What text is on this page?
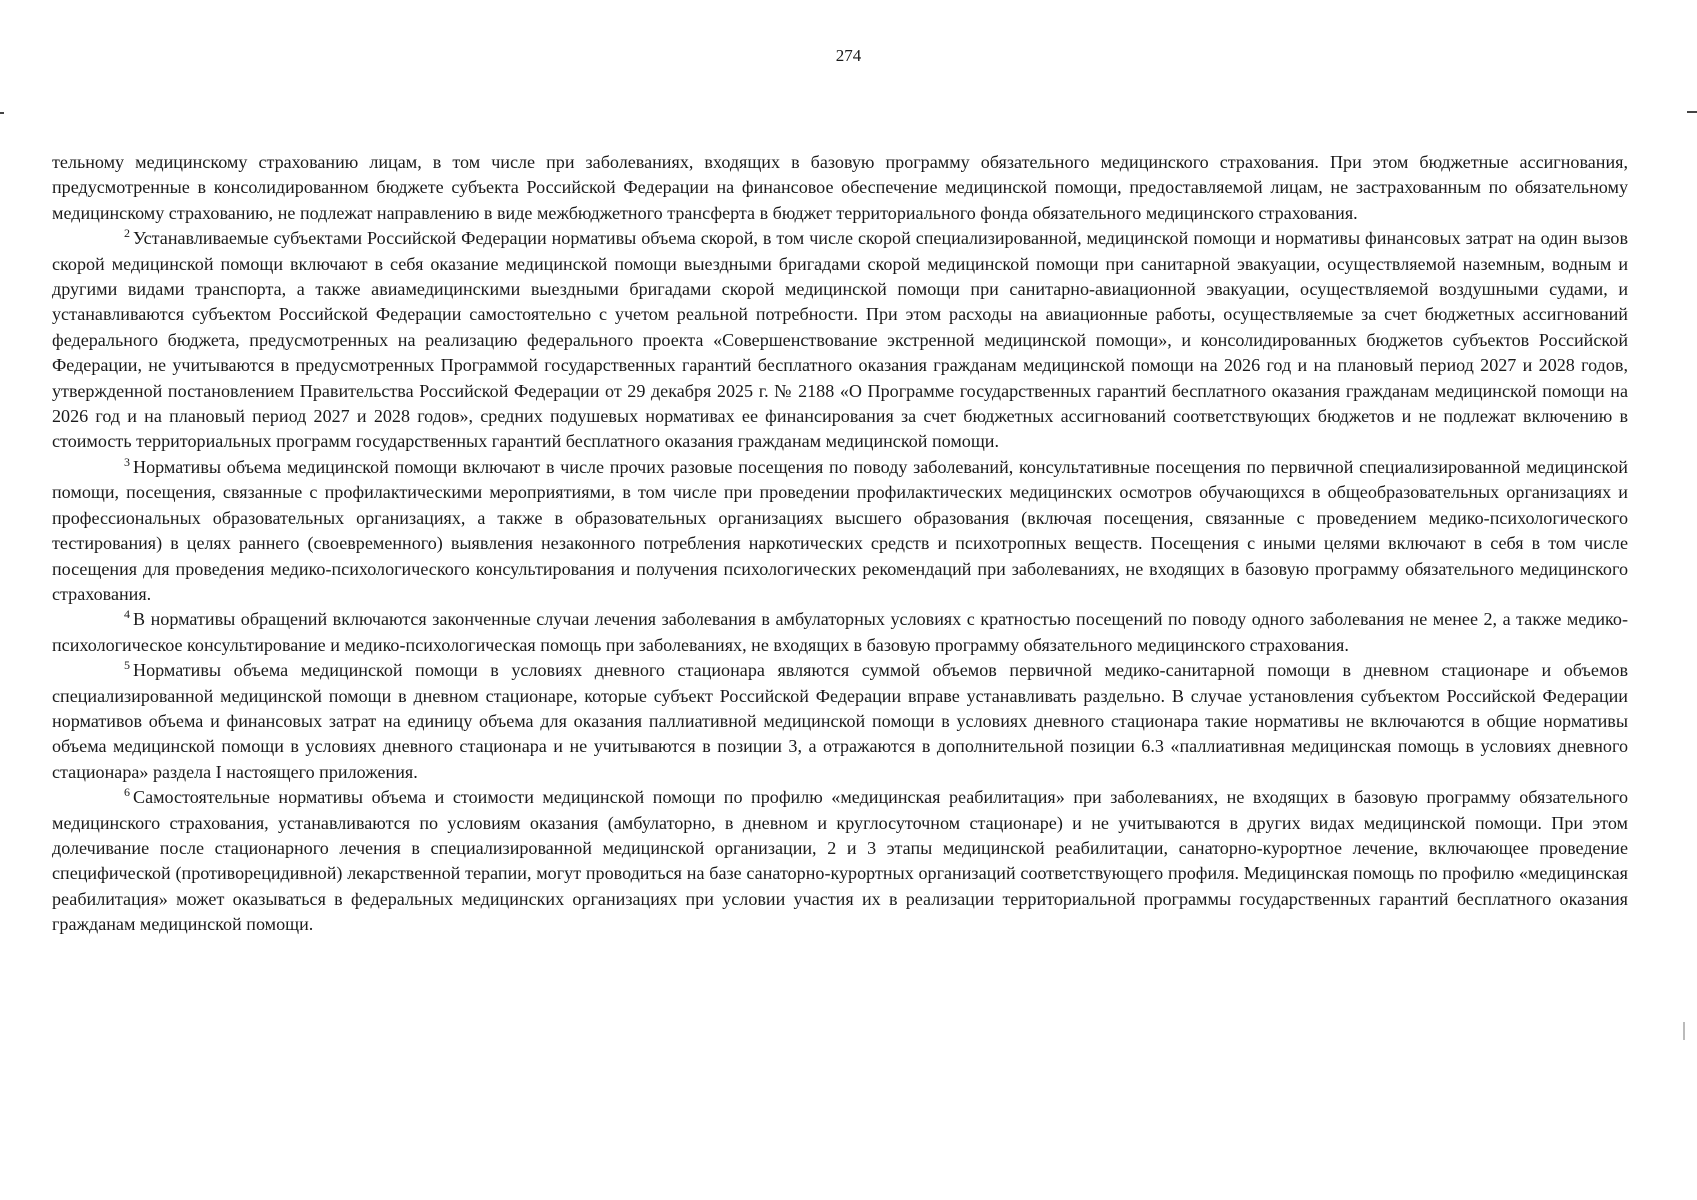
274

тельному медицинскому страхованию лицам, в том числе при заболеваниях, входящих в базовую программу обязательного медицинского страхования. При этом бюджетные ассигнования, предусмотренные в консолидированном бюджете субъекта Российской Федерации на финансовое обеспечение медицинской помощи, предоставляемой лицам, не застрахованным по обязательному медицинскому страхованию, не подлежат направлению в виде межбюджетного трансферта в бюджет территориального фонда обязательного медицинского страхования.

$^2$ Устанавливаемые субъектами Российской Федерации нормативы объема скорой, в том числе скорой специализированной, медицинской помощи и нормативы финансовых затрат на один вызов скорой медицинской помощи включают в себя оказание медицинской помощи выездными бригадами скорой медицинской помощи при санитарной эвакуации, осуществляемой наземным, водным и другими видами транспорта, а также авиамедицинскими выездными бригадами скорой медицинской помощи при санитарно-авиационной эвакуации, осуществляемой воздушными судами, и устанавливаются субъектом Российской Федерации самостоятельно с учетом реальной потребности. При этом расходы на авиационные работы, осуществляемые за счет бюджетных ассигнований федерального бюджета, предусмотренных на реализацию федерального проекта «Совершенствование экстренной медицинской помощи», и консолидированных бюджетов субъектов Российской Федерации, не учитываются в предусмотренных Программой государственных гарантий бесплатного оказания гражданам медицинской помощи на 2026 год и на плановый период 2027 и 2028 годов, утвержденной постановлением Правительства Российской Федерации от 29 декабря 2025 г. № 2188 «О Программе государственных гарантий бесплатного оказания гражданам медицинской помощи на 2026 год и на плановый период 2027 и 2028 годов», средних подушевых нормативах ее финансирования за счет бюджетных ассигнований соответствующих бюджетов и не подлежат включению в стоимость территориальных программ государственных гарантий бесплатного оказания гражданам медицинской помощи.

$^3$ Нормативы объема медицинской помощи включают в числе прочих разовые посещения по поводу заболеваний, консультативные посещения по первичной специализированной медицинской помощи, посещения, связанные с профилактическими мероприятиями, в том числе при проведении профилактических медицинских осмотров обучающихся в общеобразовательных организациях и профессиональных образовательных организациях, а также в образовательных организациях высшего образования (включая посещения, связанные с проведением медико-психологического тестирования) в целях раннего (своевременного) выявления незаконного потребления наркотических средств и психотропных веществ. Посещения с иными целями включают в себя в том числе посещения для проведения медико-психологического консультирования и получения психологических рекомендаций при заболеваниях, не входящих в базовую программу обязательного медицинского страхования.

$^4$ В нормативы обращений включаются законченные случаи лечения заболевания в амбулаторных условиях с кратностью посещений по поводу одного заболевания не менее 2, а также медико-психологическое консультирование и медико-психологическая помощь при заболеваниях, не входящих в базовую программу обязательного медицинского страхования.

$^5$ Нормативы объема медицинской помощи в условиях дневного стационара являются суммой объемов первичной медико-санитарной помощи в дневном стационаре и объемов специализированной медицинской помощи в дневном стационаре, которые субъект Российской Федерации вправе устанавливать раздельно. В случае установления субъектом Российской Федерации нормативов объема и финансовых затрат на единицу объема для оказания паллиативной медицинской помощи в условиях дневного стационара такие нормативы не включаются в общие нормативы объема медицинской помощи в условиях дневного стационара и не учитываются в позиции 3, а отражаются в дополнительной позиции 6.3 «паллиативная медицинская помощь в условиях дневного стационара» раздела I настоящего приложения.

$^6$ Самостоятельные нормативы объема и стоимости медицинской помощи по профилю «медицинская реабилитация» при заболеваниях, не входящих в базовую программу обязательного медицинского страхования, устанавливаются по условиям оказания (амбулаторно, в дневном и круглосуточном стационаре) и не учитываются в других видах медицинской помощи. При этом долечивание после стационарного лечения в специализированной медицинской организации, 2 и 3 этапы медицинской реабилитации, санаторно-курортное лечение, включающее проведение специфической (противорецидивной) лекарственной терапии, могут проводиться на базе санаторно-курортных организаций соответствующего профиля. Медицинская помощь по профилю «медицинская реабилитация» может оказываться в федеральных медицинских организациях при условии участия их в реализации территориальной программы государственных гарантий бесплатного оказания гражданам медицинской помощи.
